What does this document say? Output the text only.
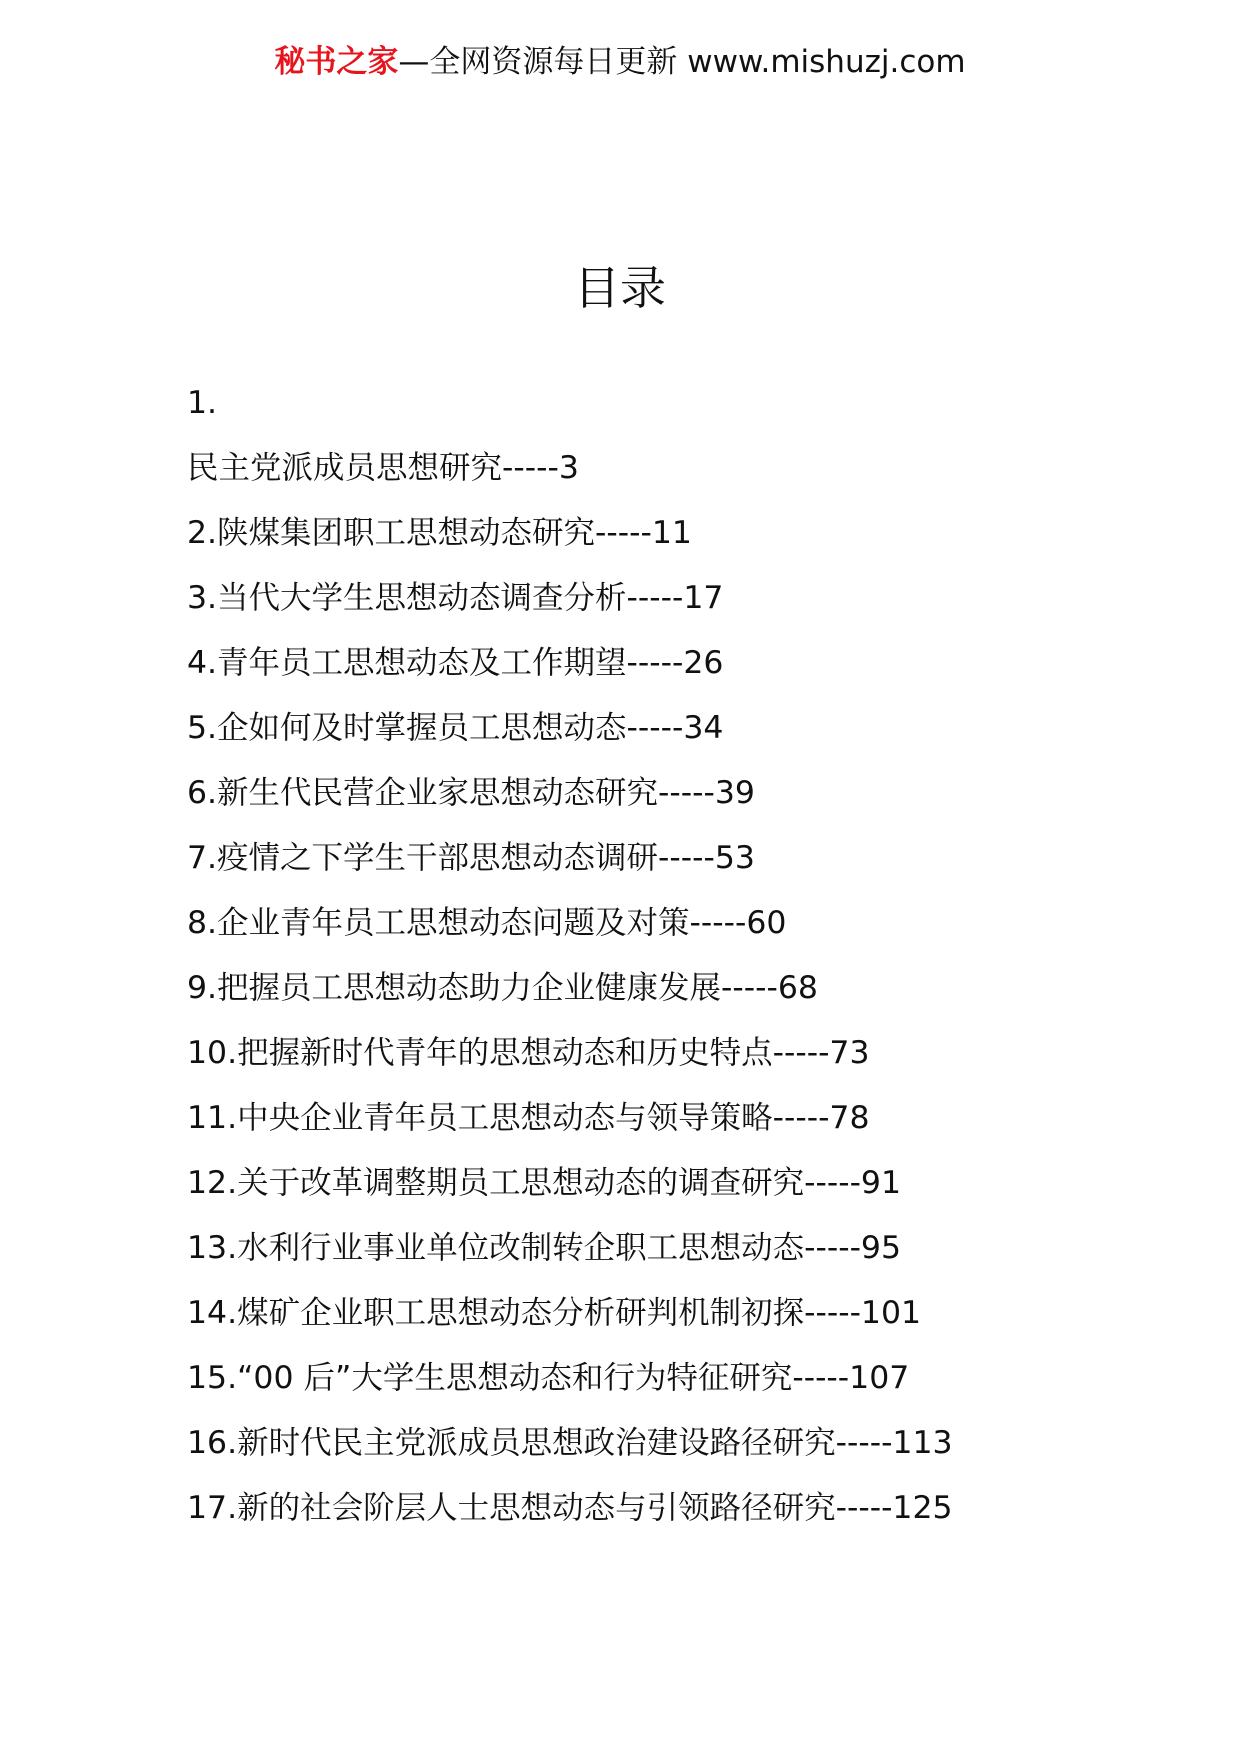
秘书之家—全网资源每日更新 www.mishuzj.com
目录
1.
民主党派成员思想研究-----3
2.陕煤集团职工思想动态研究-----11
3.当代大学生思想动态调查分析-----17
4.青年员工思想动态及工作期望-----26
5.企如何及时掌握员工思想动态-----34
6.新生代民营企业家思想动态研究-----39
7.疫情之下学生干部思想动态调研-----53
8.企业青年员工思想动态问题及对策-----60
9.把握员工思想动态助力企业健康发展-----68
10.把握新时代青年的思想动态和历史特点-----73
11.中央企业青年员工思想动态与领导策略-----78
12.关于改革调整期员工思想动态的调查研究-----91
13.水利行业事业单位改制转企职工思想动态-----95
14.煤矿企业职工思想动态分析研判机制初探-----101
15.“00 后”大学生思想动态和行为特征研究-----107
16.新时代民主党派成员思想政治建设路径研究-----113
17.新的社会阶层人士思想动态与引领路径研究-----125
